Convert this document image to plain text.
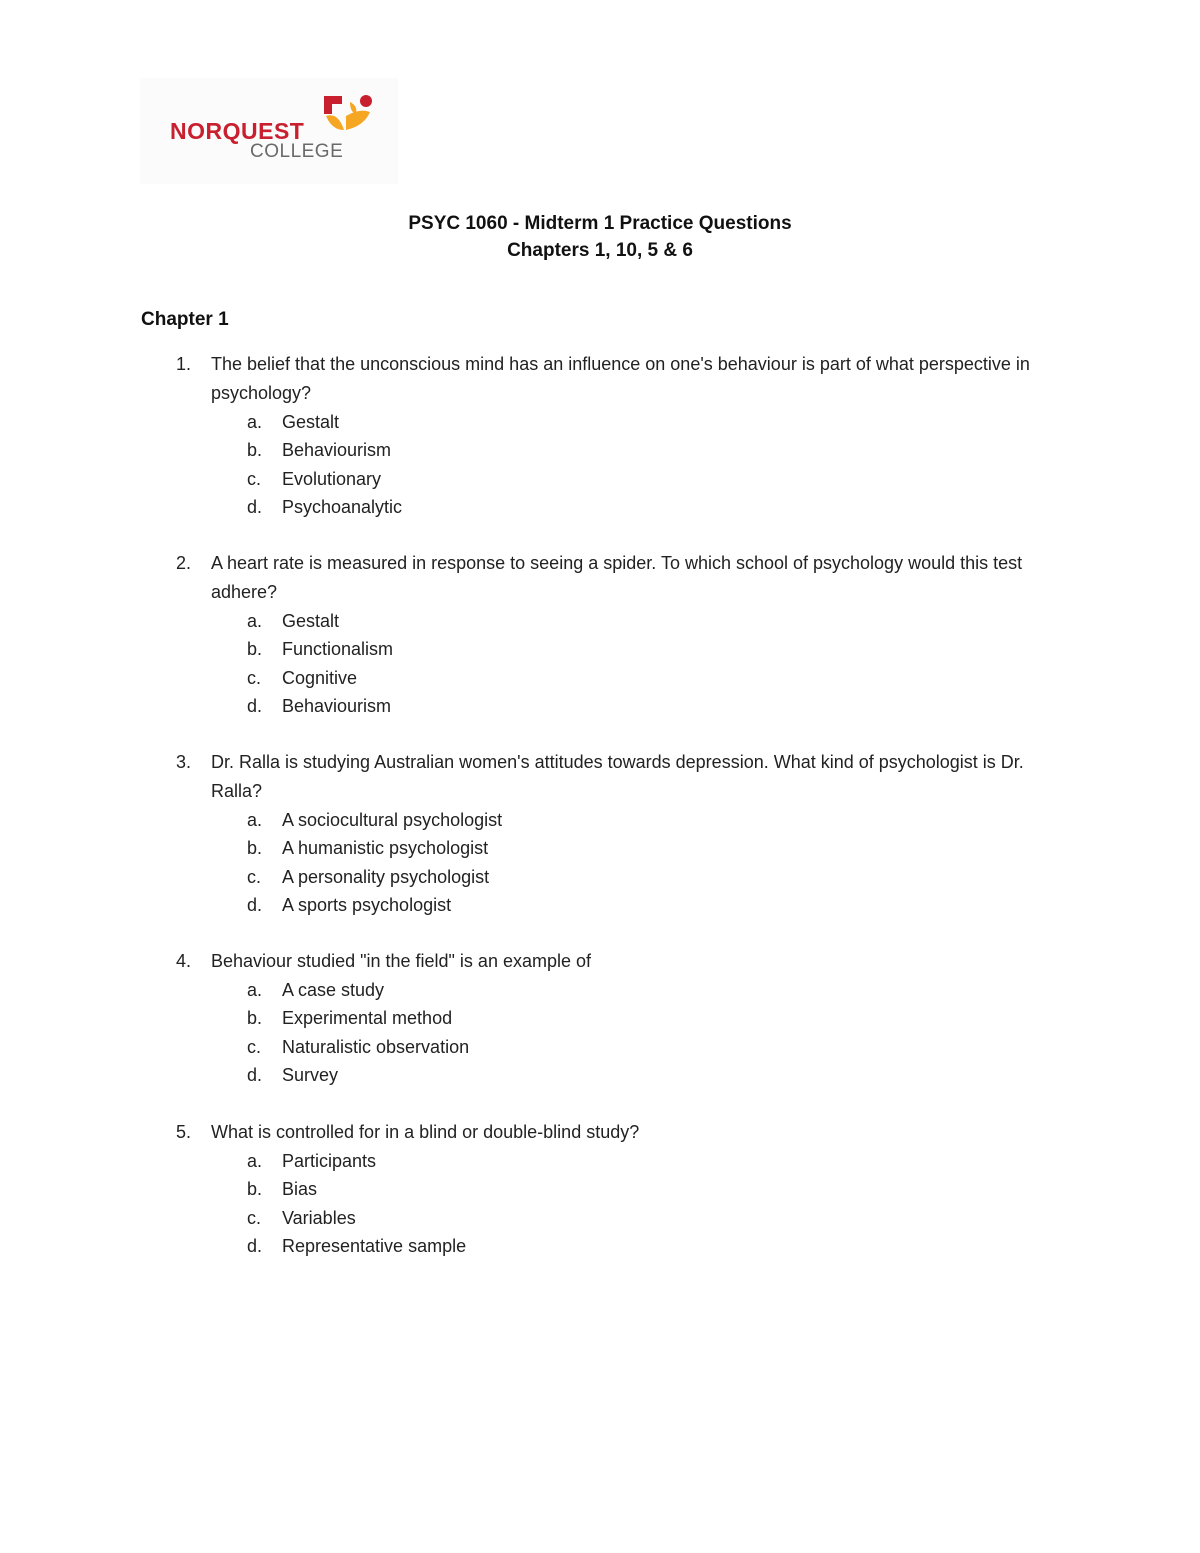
NORQUEST
COLLEGE
PSYC 1060 - Midterm 1 Practice Questions
Chapters 1, 10, 5 & 6
Chapter 1
1.	The belief that the unconscious mind has an influence on one's behaviour is part of what perspective in psychology?
a. Gestalt
b. Behaviourism
c. Evolutionary
d. Psychoanalytic
2.	A heart rate is measured in response to seeing a spider. To which school of psychology would this test adhere?
a. Gestalt
b. Functionalism
c. Cognitive
d. Behaviourism
3.	Dr. Ralla is studying Australian women's attitudes towards depression. What kind of psychologist is Dr. Ralla?
a. A sociocultural psychologist
b. A humanistic psychologist
c. A personality psychologist
d. A sports psychologist
4.	Behaviour studied "in the field" is an example of
a. A case study
b. Experimental method
c. Naturalistic observation
d. Survey
5.	What is controlled for in a blind or double-blind study?
a. Participants
b. Bias
c. Variables
d. Representative sample
